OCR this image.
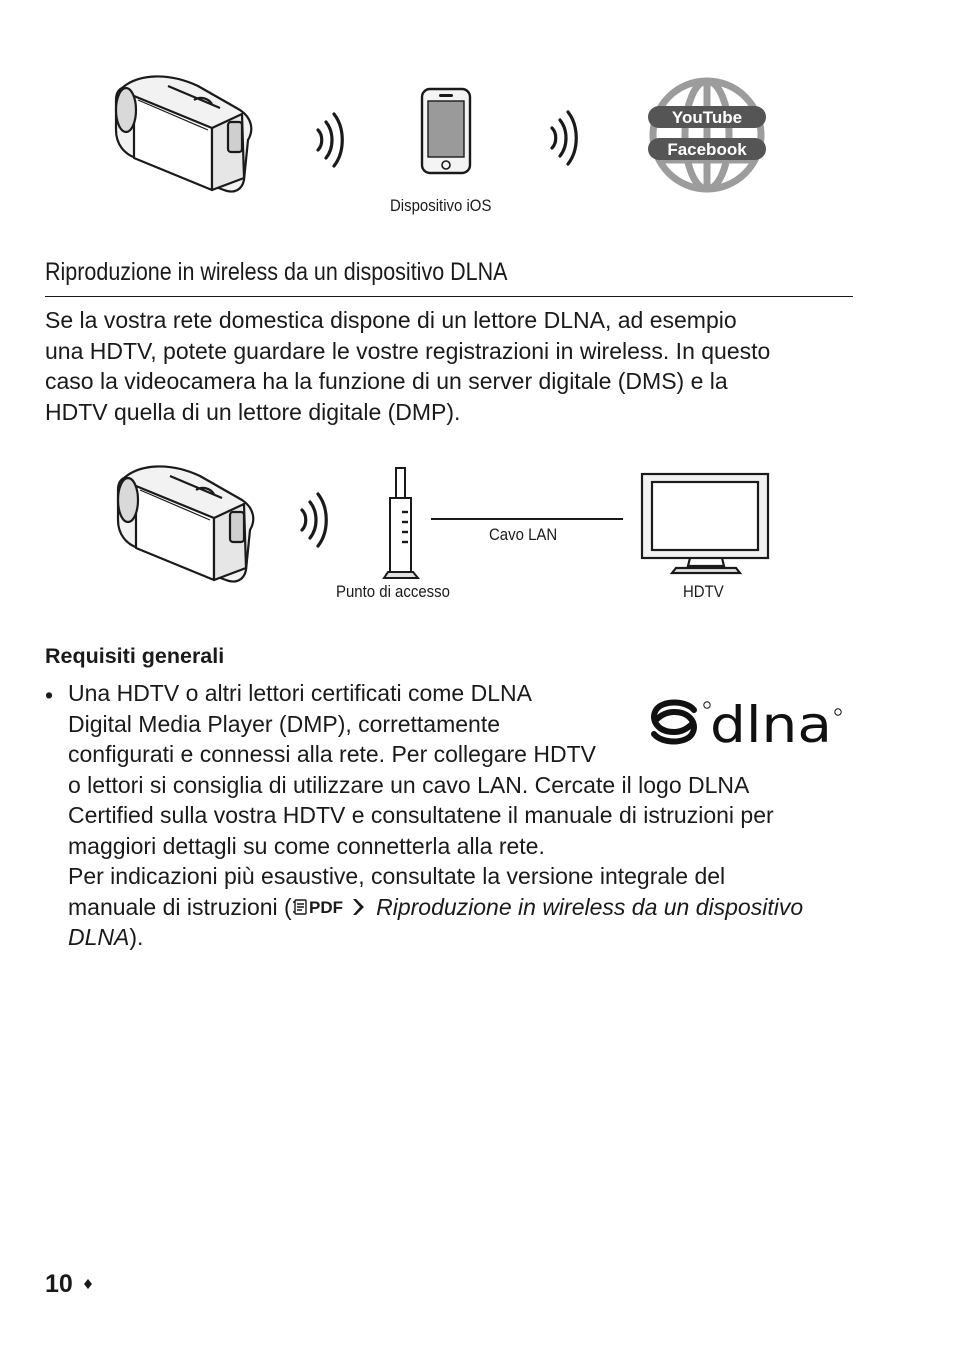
Dispositivo iOS
YouTube
Facebook
Riproduzione in wireless da un dispositivo DLNA
Se la vostra rete domestica dispone di un lettore DLNA, ad esempio
una HDTV, potete guardare le vostre registrazioni in wireless. In questo
caso la videocamera ha la funzione di un server digitale (DMS) e la
HDTV quella di un lettore digitale (DMP).
Cavo LAN
Punto di accesso	HDTV
Requisiti generali
• Una HDTV o altri lettori certificati come DLNA
Digital Media Player (DMP), correttamente
configurati e connessi alla rete. Per collegare HDTV
o lettori si consiglia di utilizzare un cavo LAN. Cercate il logo DLNA
Certified sulla vostra HDTV e consultatene il manuale di istruzioni per
maggiori dettagli su come connetterla alla rete.
Per indicazioni più esaustive, consultate la versione integrale del
manuale di istruzioni ( PDF Riproduzione in wireless da un dispositivo
DLNA).
dlna
10
